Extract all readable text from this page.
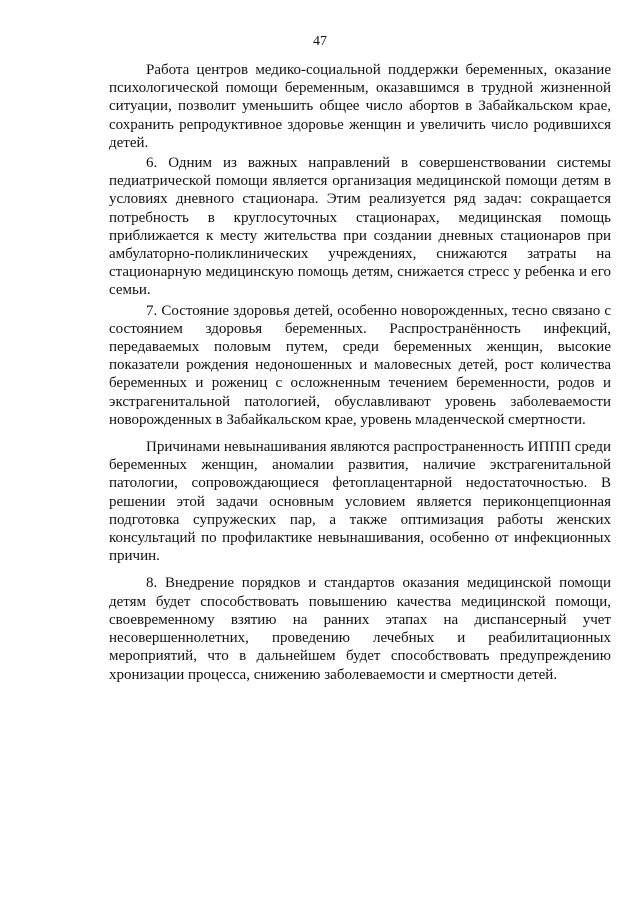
47

Работа центров медико-социальной поддержки беременных, оказание психологической помощи беременным, оказавшимся в трудной жизненной ситуации, позволит уменьшить общее число абортов в Забайкальском крае, сохранить репродуктивное здоровье женщин и увеличить число родившихся детей.

6. Одним из важных направлений в совершенствовании системы педиатрической помощи является организация медицинской помощи детям в условиях дневного стационара. Этим реализуется ряд задач: сокращается потребность в круглосуточных стационарах, медицинская помощь приближается к месту жительства при создании дневных стационаров при амбулаторно-поликлинических учреждениях, снижаются затраты на стационарную медицинскую помощь детям, снижается стресс у ребенка и его семьи.

7. Состояние здоровья детей, особенно новорожденных, тесно связано с состоянием здоровья беременных. Распространённость инфекций, передаваемых половым путем, среди беременных женщин, высокие показатели рождения недоношенных и маловесных детей, рост количества беременных и рожениц с осложненным течением беременности, родов и экстрагенитальной патологией, обуславливают уровень заболеваемости новорожденных в Забайкальском крае, уровень младенческой смертности.

Причинами невынашивания являются распространенность ИППП среди беременных женщин, аномалии развития, наличие экстрагенитальной патологии, сопровождающиеся фетоплацентарной недостаточностью. В решении этой задачи основным условием является периконцепционная подготовка супружеских пар, а также оптимизация работы женских консультаций по профилактике невынашивания, особенно от инфекционных причин.

8. Внедрение порядков и стандартов оказания медицинской помощи детям будет способствовать повышению качества медицинской помощи, своевременному взятию на ранних этапах на диспансерный учет несовершеннолетних, проведению лечебных и реабилитационных мероприятий, что в дальнейшем будет способствовать предупреждению хронизации процесса, снижению заболеваемости и смертности детей.
